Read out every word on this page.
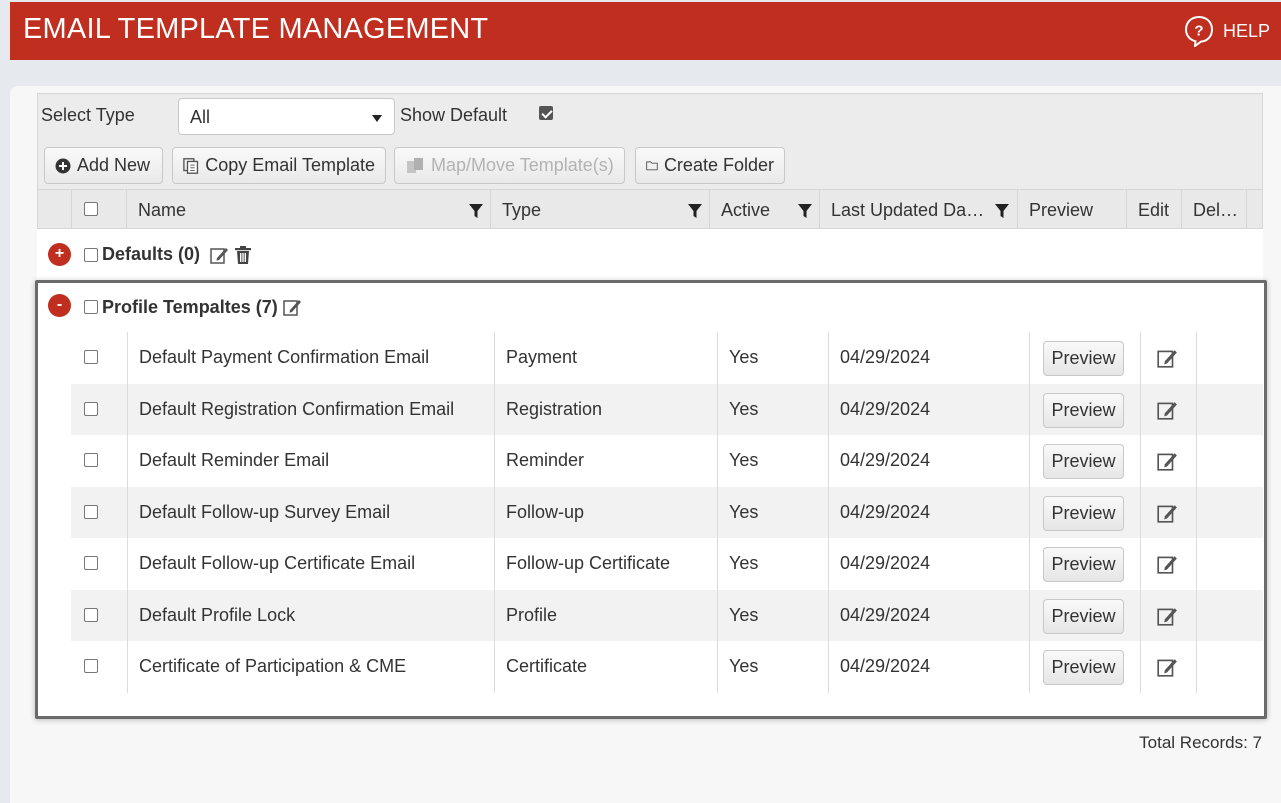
EMAIL TEMPLATE MANAGEMENT	? HELP
Select Type	All	Show Default
Add New	Copy Email Template	Map/Move Template(s)	Create Folder
Name	Type	Active	Last Updated Da…	Preview	Edit	Del…
+	Defaults (0)
-	Profile Tempaltes (7)
Default Payment Confirmation Email	Payment	Yes	04/29/2024	Preview
Default Registration Confirmation Email	Registration	Yes	04/29/2024	Preview
Default Reminder Email	Reminder	Yes	04/29/2024	Preview
Default Follow-up Survey Email	Follow-up	Yes	04/29/2024	Preview
Default Follow-up Certificate Email	Follow-up Certificate	Yes	04/29/2024	Preview
Default Profile Lock	Profile	Yes	04/29/2024	Preview
Certificate of Participation & CME	Certificate	Yes	04/29/2024	Preview
Total Records: 7
